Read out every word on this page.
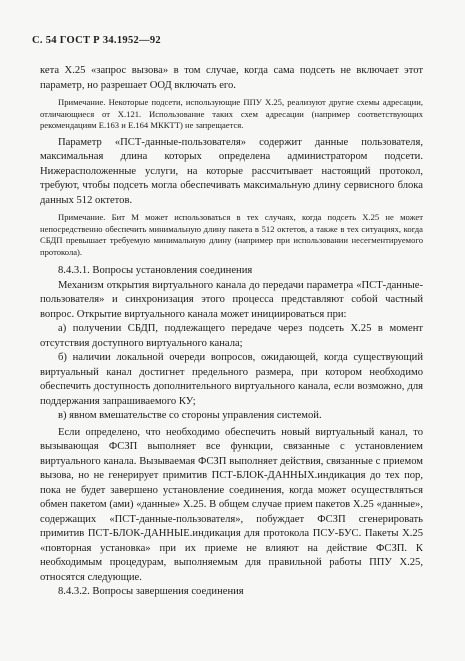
С. 54 ГОСТ Р 34.1952—92

кета X.25 «запрос вызова» в том случае, когда сама подсеть не включает этот параметр, но разрешает ООД включать его.

Примечание. Некоторые подсети, использующие ППУ X.25, реализуют другие схемы адресации, отличающиеся от X.121. Использование таких схем адресации (например соответствующих рекомендациям Е.163 и Е.164 МККТТ) не запрещается.

Параметр «ПСТ-данные-пользователя» содержит данные пользователя, максимальная длина которых определена администратором подсети. Нижерасположенные услуги, на которые рассчитывает настоящий протокол, требуют, чтобы подсеть могла обеспечивать максимальную длину сервисного блока данных 512 октетов.

Примечание. Бит М может использоваться в тех случаях, когда подсеть X.25 не может непосредственно обеспечить минимальную длину пакета в 512 октетов, а также в тех ситуациях, когда СБДП превышает требуемую минимальную длину (например при использовании несегментируемого протокола).

8.4.3.1. Вопросы установления соединения

Механизм открытия виртуального канала до передачи параметра «ПСТ-данные-пользователя» и синхронизация этого процесса представляют собой частный вопрос. Открытие виртуального канала может инициироваться при:

а) получении СБДП, подлежащего передаче через подсеть X.25 в момент отсутствия доступного виртуального канала;

б) наличии локальной очереди вопросов, ожидающей, когда существующий виртуальный канал достигнет предельного размера, при котором необходимо обеспечить доступность дополнительного виртуального канала, если возможно, для поддержания запрашиваемого КУ;

в) явном вмешательстве со стороны управления системой.

Если определено, что необходимо обеспечить новый виртуальный канал, то вызывающая ФСЗП выполняет все функции, связанные с установлением виртуального канала. Вызываемая ФСЗП выполняет действия, связанные с приемом вызова, но не генерирует примитив ПСТ-БЛОК-ДАННЫХ.индикация до тех пор, пока не будет завершено установление соединения, когда может осуществляться обмен пакетом (ами) «данные» X.25. В общем случае прием пакетов X.25 «данные», содержащих «ПСТ-данные-пользователя», побуждает ФСЗП сгенерировать примитив ПСТ-БЛОК-ДАННЫЕ.индикация для протокола ПСУ-БУС. Пакеты X.25 «повторная установка» при их приеме не влияют на действие ФСЗП. К необходимым процедурам, выполняемым для правильной работы ППУ X.25, относятся следующие.

8.4.3.2. Вопросы завершения соединения
